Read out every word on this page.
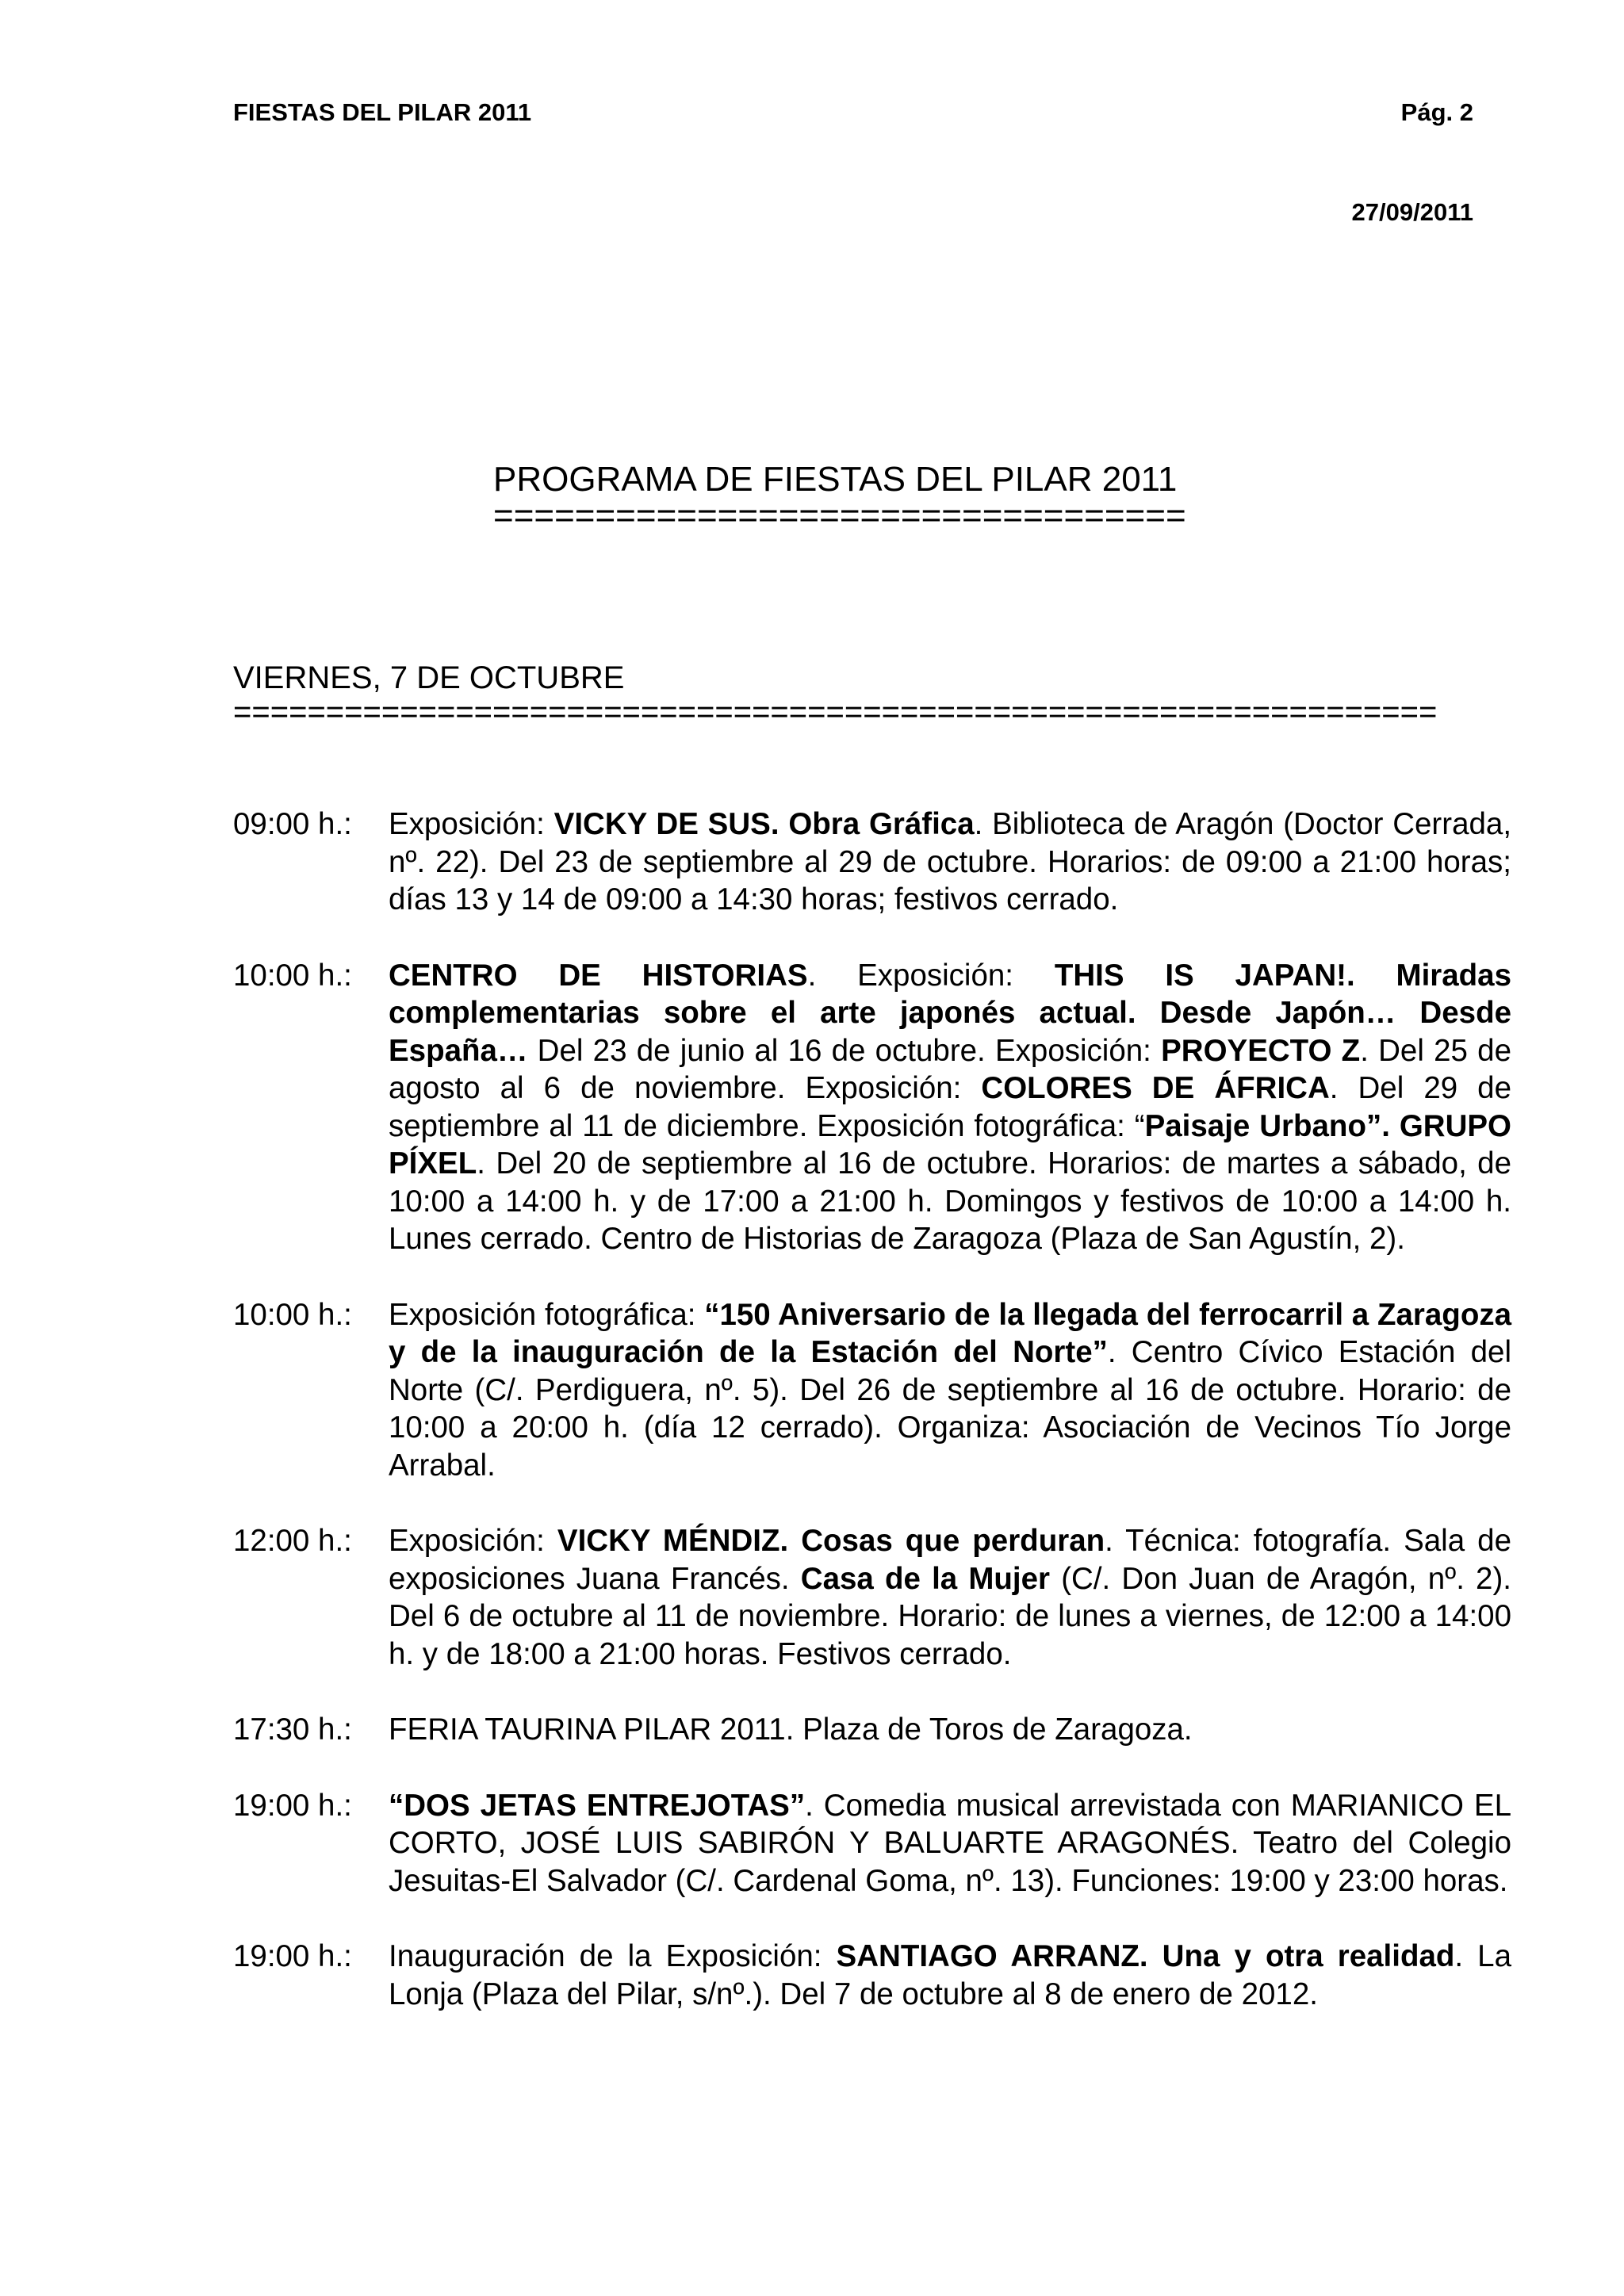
FIESTAS DEL PILAR 2011	Pág. 2
27/09/2011
PROGRAMA DE FIESTAS DEL PILAR 2011
==================================
VIERNES, 7 DE OCTUBRE
=================================================================
09:00 h.:	Exposición: VICKY DE SUS. Obra Gráfica. Biblioteca de Aragón (Doctor Cerrada, nº. 22). Del 23 de septiembre al 29 de octubre. Horarios: de 09:00 a 21:00 horas; días 13 y 14 de 09:00 a 14:30 horas; festivos cerrado.
10:00 h.:	CENTRO DE HISTORIAS. Exposición: THIS IS JAPAN!. Miradas complementarias sobre el arte japonés actual. Desde Japón… Desde España… Del 23 de junio al 16 de octubre. Exposición: PROYECTO Z. Del 25 de agosto al 6 de noviembre. Exposición: COLORES DE ÁFRICA. Del 29 de septiembre al 11 de diciembre. Exposición fotográfica: “Paisaje Urbano”. GRUPO PÍXEL. Del 20 de septiembre al 16 de octubre. Horarios: de martes a sábado, de 10:00 a 14:00 h. y de 17:00 a 21:00 h. Domingos y festivos de 10:00 a 14:00 h. Lunes cerrado. Centro de Historias de Zaragoza (Plaza de San Agustín, 2).
10:00 h.:	Exposición fotográfica: “150 Aniversario de la llegada del ferrocarril a Zaragoza y de la inauguración de la Estación del Norte”. Centro Cívico Estación del Norte (C/. Perdiguera, nº. 5). Del 26 de septiembre al 16 de octubre. Horario: de 10:00 a 20:00 h. (día 12 cerrado). Organiza: Asociación de Vecinos Tío Jorge Arrabal.
12:00 h.:	Exposición: VICKY MÉNDIZ. Cosas que perduran. Técnica: fotografía. Sala de exposiciones Juana Francés. Casa de la Mujer (C/. Don Juan de Aragón, nº. 2). Del 6 de octubre al 11 de noviembre. Horario: de lunes a viernes, de 12:00 a 14:00 h. y de 18:00 a 21:00 horas. Festivos cerrado.
17:30 h.:	FERIA TAURINA PILAR 2011. Plaza de Toros de Zaragoza.
19:00 h.:	“DOS JETAS ENTREJOTAS”. Comedia musical arrevistada con MARIANICO EL CORTO, JOSÉ LUIS SABIRÓN Y BALUARTE ARAGONÉS. Teatro del Colegio Jesuitas-El Salvador (C/. Cardenal Goma, nº. 13). Funciones: 19:00 y 23:00 horas.
19:00 h.:	Inauguración de la Exposición: SANTIAGO ARRANZ. Una y otra realidad. La Lonja (Plaza del Pilar, s/nº.). Del 7 de octubre al 8 de enero de 2012.
